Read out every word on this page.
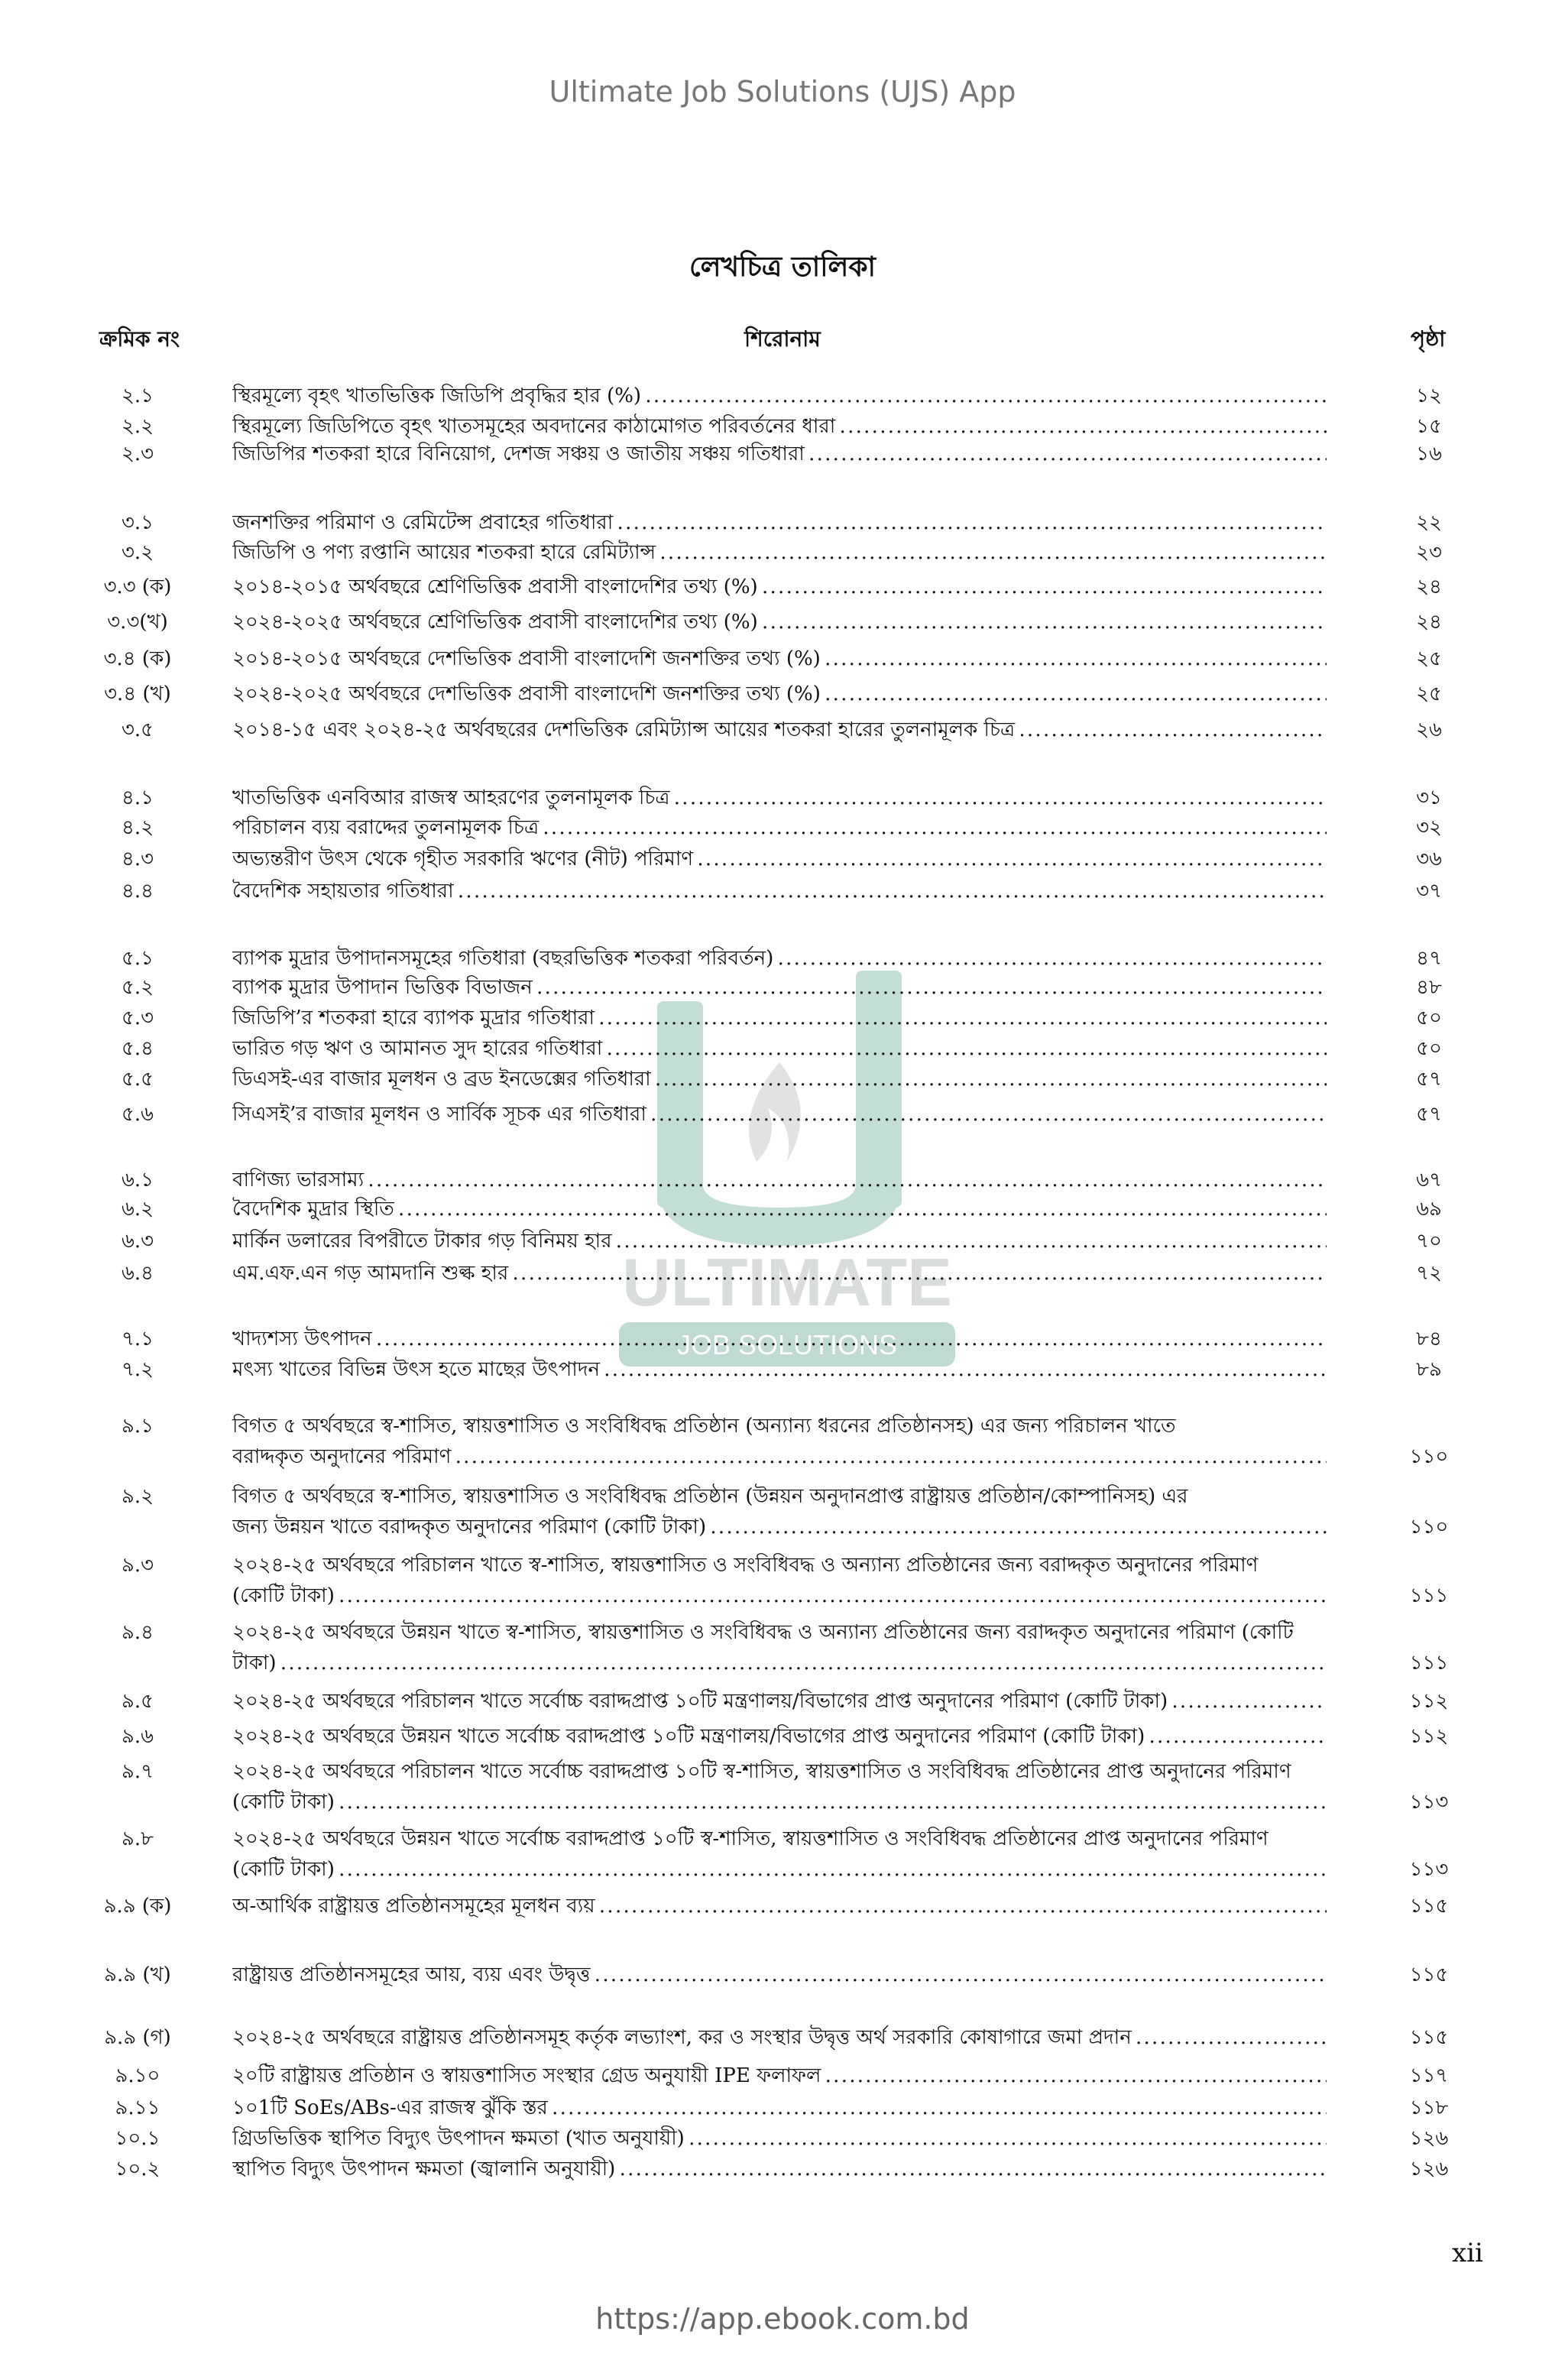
Ultimate Job Solutions (UJS) App
লেখচিত্র তালিকা
ক্রমিক নং	শিরোনাম	পৃষ্ঠা
ULTIMATE
JOB SOLUTIONS
২.১	স্থিরমূল্যে বৃহৎ খাতভিত্তিক জিডিপি প্রবৃদ্ধির হার (%) . . .	১২
২.২	স্থিরমূল্যে জিডিপিতে বৃহৎ খাতসমূহের অবদানের কাঠামোগত পরিবর্তনের ধারা . . .	১৫
২.৩	জিডিপির শতকরা হারে বিনিয়োগ, দেশজ সঞ্চয় ও জাতীয় সঞ্চয় গতিধারা . . .	১৬
৩.১	জনশক্তির পরিমাণ ও রেমিটেন্স প্রবাহের গতিধারা . . .	২২
৩.২	জিডিপি ও পণ্য রপ্তানি আয়ের শতকরা হারে রেমিট্যান্স . . .	২৩
৩.৩ (ক)	২০১৪-২০১৫ অর্থবছরে শ্রেণিভিত্তিক প্রবাসী বাংলাদেশির তথ্য (%) . . .	২৪
৩.৩(খ)	২০২৪-২০২৫ অর্থবছরে শ্রেণিভিত্তিক প্রবাসী বাংলাদেশির তথ্য (%) . . .	২৪
৩.৪ (ক)	২০১৪-২০১৫ অর্থবছরে দেশভিত্তিক প্রবাসী বাংলাদেশি জনশক্তির তথ্য (%) . . .	২৫
৩.৪ (খ)	২০২৪-২০২৫ অর্থবছরে দেশভিত্তিক প্রবাসী বাংলাদেশি জনশক্তির তথ্য (%) . . .	২৫
৩.৫	২০১৪-১৫ এবং ২০২৪-২৫ অর্থবছরের দেশভিত্তিক রেমিট্যান্স আয়ের শতকরা হারের তুলনামূলক চিত্র . . .	২৬
৪.১	খাতভিত্তিক এনবিআর রাজস্ব আহরণের তুলনামূলক চিত্র . . .	৩১
৪.২	পরিচালন ব্যয় বরাদ্দের তুলনামূলক চিত্র . . .	৩২
৪.৩	অভ্যন্তরীণ উৎস থেকে গৃহীত সরকারি ঋণের (নীট) পরিমাণ . . .	৩৬
৪.৪	বৈদেশিক সহায়তার গতিধারা . . .	৩৭
৫.১	ব্যাপক মুদ্রার উপাদানসমূহের গতিধারা (বছরভিত্তিক শতকরা পরিবর্তন) . . .	৪৭
৫.২	ব্যাপক মুদ্রার উপাদান ভিত্তিক বিভাজন . . .	৪৮
৫.৩	জিডিপি’র শতকরা হারে ব্যাপক মুদ্রার গতিধারা . . .	৫০
৫.৪	ভারিত গড় ঋণ ও আমানত সুদ হারের গতিধারা . . .	৫০
৫.৫	ডিএসই-এর বাজার মূলধন ও ব্রড ইনডেক্সের গতিধারা . . .	৫৭
৫.৬	সিএসই’র বাজার মূলধন ও সার্বিক সূচক এর গতিধারা . . .	৫৭
৬.১	বাণিজ্য ভারসাম্য . . .	৬৭
৬.২	বৈদেশিক মুদ্রার স্থিতি . . .	৬৯
৬.৩	মার্কিন ডলারের বিপরীতে টাকার গড় বিনিময় হার . . .	৭০
৬.৪	এম.এফ.এন গড় আমদানি শুল্ক হার . . .	৭২
৭.১	খাদ্যশস্য উৎপাদন . . .	৮৪
৭.২	মৎস্য খাতের বিভিন্ন উৎস হতে মাছের উৎপাদন . . .	৮৯
৯.১	বিগত ৫ অর্থবছরে স্ব-শাসিত, স্বায়ত্তশাসিত ও সংবিধিবদ্ধ প্রতিষ্ঠান (অন্যান্য ধরনের প্রতিষ্ঠানসহ) এর জন্য পরিচালন খাতে
বরাদ্দকৃত অনুদানের পরিমাণ . . .	১১০
৯.২	বিগত ৫ অর্থবছরে স্ব-শাসিত, স্বায়ত্তশাসিত ও সংবিধিবদ্ধ প্রতিষ্ঠান (উন্নয়ন অনুদানপ্রাপ্ত রাষ্ট্রায়ত্ত প্রতিষ্ঠান/কোম্পানিসহ) এর
জন্য উন্নয়ন খাতে বরাদ্দকৃত অনুদানের পরিমাণ (কোটি টাকা) . . .	১১০
৯.৩	২০২৪-২৫ অর্থবছরে পরিচালন খাতে স্ব-শাসিত, স্বায়ত্তশাসিত ও সংবিধিবদ্ধ ও অন্যান্য প্রতিষ্ঠানের জন্য বরাদ্দকৃত অনুদানের পরিমাণ
(কোটি টাকা) . . .	১১১
৯.৪	২০২৪-২৫ অর্থবছরে উন্নয়ন খাতে স্ব-শাসিত, স্বায়ত্তশাসিত ও সংবিধিবদ্ধ ও অন্যান্য প্রতিষ্ঠানের জন্য বরাদ্দকৃত অনুদানের পরিমাণ (কোটি
টাকা) . . .	১১১
৯.৫	২০২৪-২৫ অর্থবছরে পরিচালন খাতে সর্বোচ্চ বরাদ্দপ্রাপ্ত ১০টি মন্ত্রণালয়/বিভাগের প্রাপ্ত অনুদানের পরিমাণ (কোটি টাকা) . . .	১১২
৯.৬	২০২৪-২৫ অর্থবছরে উন্নয়ন খাতে সর্বোচ্চ বরাদ্দপ্রাপ্ত ১০টি মন্ত্রণালয়/বিভাগের প্রাপ্ত অনুদানের পরিমাণ (কোটি টাকা) . . .	১১২
৯.৭	২০২৪-২৫ অর্থবছরে পরিচালন খাতে সর্বোচ্চ বরাদ্দপ্রাপ্ত ১০টি স্ব-শাসিত, স্বায়ত্তশাসিত ও সংবিধিবদ্ধ প্রতিষ্ঠানের প্রাপ্ত অনুদানের পরিমাণ
(কোটি টাকা) . . .	১১৩
৯.৮	২০২৪-২৫ অর্থবছরে উন্নয়ন খাতে সর্বোচ্চ বরাদ্দপ্রাপ্ত ১০টি স্ব-শাসিত, স্বায়ত্তশাসিত ও সংবিধিবদ্ধ প্রতিষ্ঠানের প্রাপ্ত অনুদানের পরিমাণ
(কোটি টাকা) . . .	১১৩
৯.৯ (ক)	অ-আর্থিক রাষ্ট্রায়ত্ত প্রতিষ্ঠানসমূহের মূলধন ব্যয় . . .	১১৫
৯.৯ (খ)	রাষ্ট্রায়ত্ত প্রতিষ্ঠানসমূহের আয়, ব্যয় এবং উদ্বৃত্ত . . .	১১৫
৯.৯ (গ)	২০২৪-২৫ অর্থবছরে রাষ্ট্রায়ত্ত প্রতিষ্ঠানসমূহ কর্তৃক লভ্যাংশ, কর ও সংস্থার উদ্বৃত্ত অর্থ সরকারি কোষাগারে জমা প্রদান . . .	১১৫
৯.১০	২০টি রাষ্ট্রায়ত্ত প্রতিষ্ঠান ও স্বায়ত্তশাসিত সংস্থার গ্রেড অনুযায়ী IPE ফলাফল . . .	১১৭
৯.১১	১০1টি SoEs/ABs-এর রাজস্ব ঝুঁকি স্তর . . .	১১৮
১০.১	গ্রিডভিত্তিক স্থাপিত বিদ্যুৎ উৎপাদন ক্ষমতা (খাত অনুযায়ী) . . .	১২৬
১০.২	স্থাপিত বিদ্যুৎ উৎপাদন ক্ষমতা (জ্বালানি অনুযায়ী) . . .	১২৬
xii
https://app.ebook.com.bd
